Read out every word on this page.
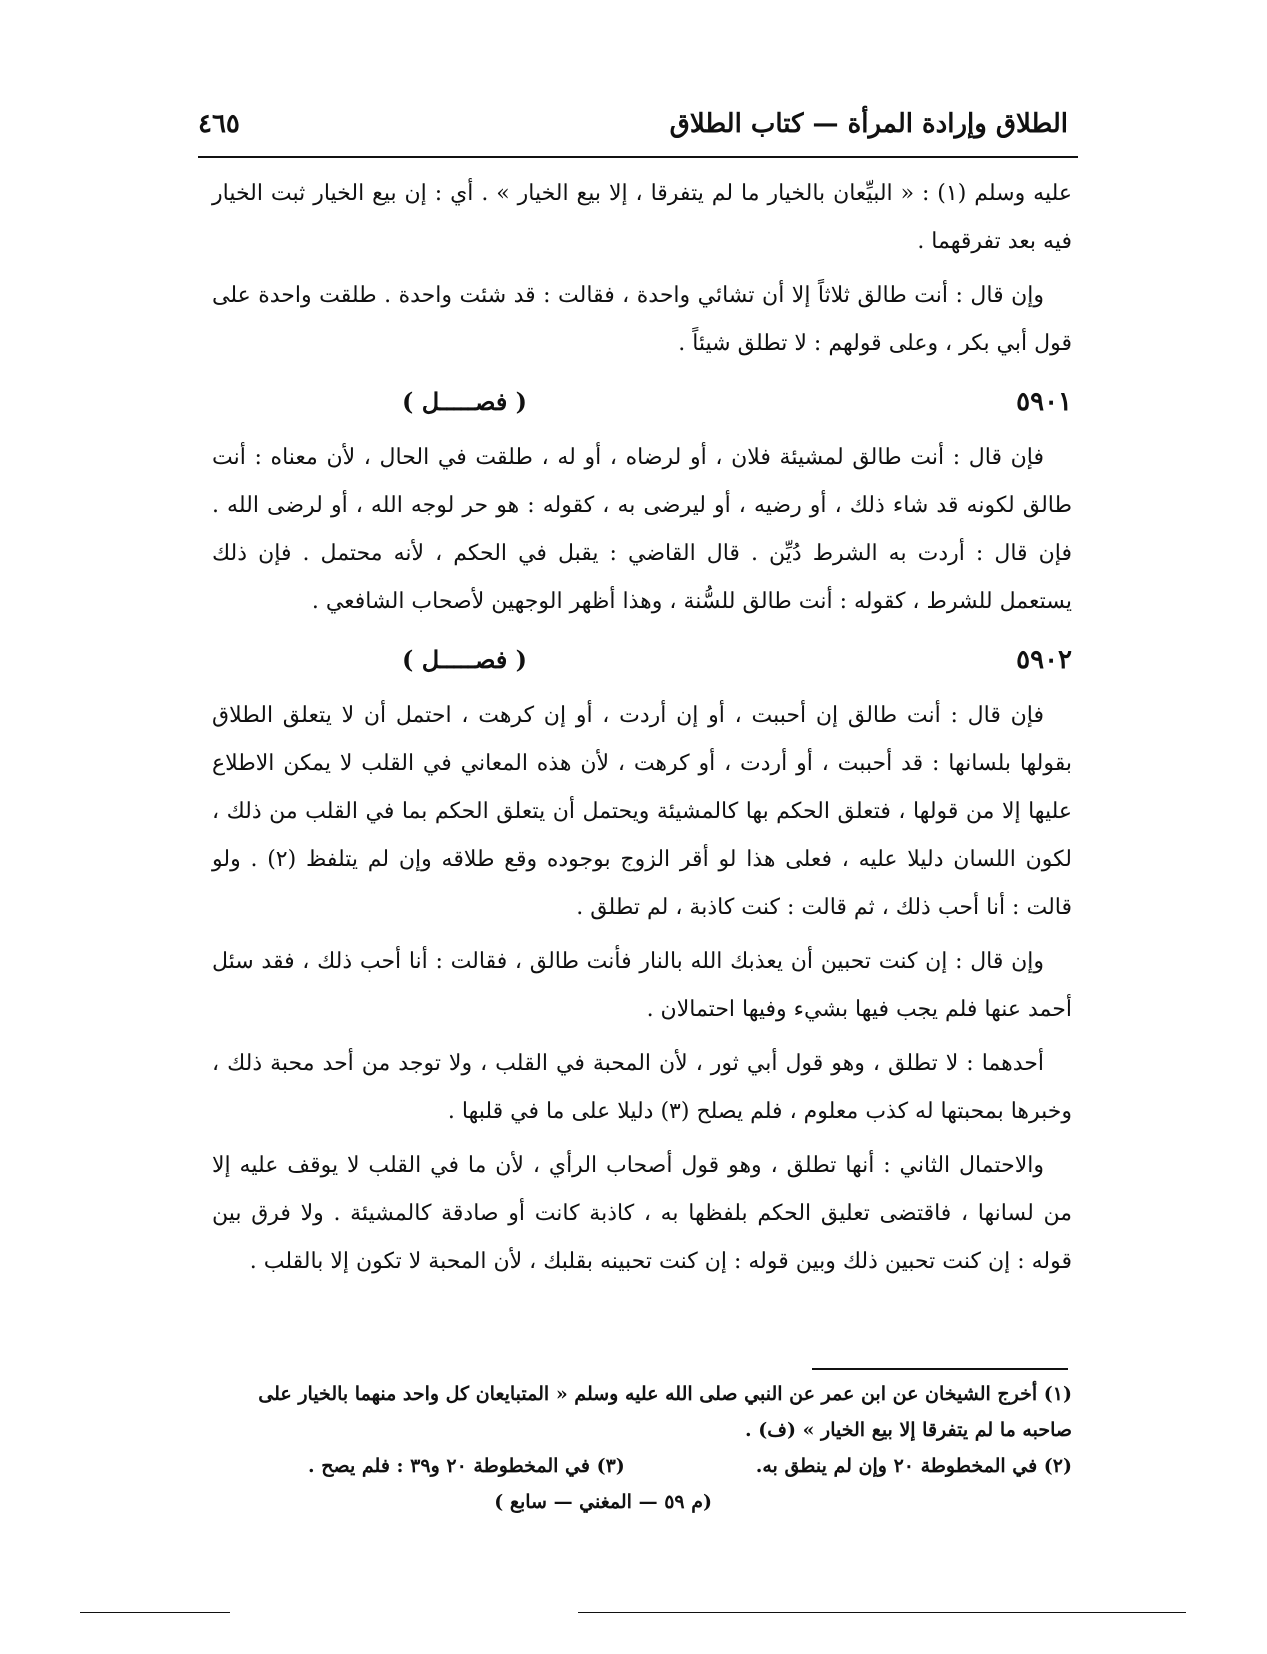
الطلاق وإرادة المرأة — كتاب الطلاق
٤٦٥

عليه وسلم (١) : « البيِّعان بالخيار ما لم يتفرقا ، إلا بيع الخيار » . أي : إن بيع الخيار ثبت الخيار فيه بعد تفرقهما .

وإن قال : أنت طالق ثلاثاً إلا أن تشائي واحدة ، فقالت : قد شئت واحدة . طلقت واحدة على قول أبي بكر ، وعلى قولهم : لا تطلق شيئاً .

٥٩٠١
( فصـــــل )

فإن قال : أنت طالق لمشيئة فلان ، أو لرضاه ، أو له ، طلقت في الحال ، لأن معناه : أنت طالق لكونه قد شاء ذلك ، أو رضيه ، أو ليرضى به ، كقوله : هو حر لوجه الله ، أو لرضى الله . فإن قال : أردت به الشرط دُيِّن . قال القاضي : يقبل في الحكم ، لأنه محتمل . فإن ذلك يستعمل للشرط ، كقوله : أنت طالق للسُّنة ، وهذا أظهر الوجهين لأصحاب الشافعي .

٥٩٠٢
( فصـــــل )

فإن قال : أنت طالق إن أحببت ، أو إن أردت ، أو إن كرهت ، احتمل أن لا يتعلق الطلاق بقولها بلسانها : قد أحببت ، أو أردت ، أو كرهت ، لأن هذه المعاني في القلب لا يمكن الاطلاع عليها إلا من قولها ، فتعلق الحكم بها كالمشيئة ويحتمل أن يتعلق الحكم بما في القلب من ذلك ، لكون اللسان دليلا عليه ، فعلى هذا لو أقر الزوج بوجوده وقع طلاقه وإن لم يتلفظ (٢) . ولو قالت : أنا أحب ذلك ، ثم قالت : كنت كاذبة ، لم تطلق .

وإن قال : إن كنت تحبين أن يعذبك الله بالنار فأنت طالق ، فقالت : أنا أحب ذلك ، فقد سئل أحمد عنها فلم يجب فيها بشيء وفيها احتمالان .

أحدهما : لا تطلق ، وهو قول أبي ثور ، لأن المحبة في القلب ، ولا توجد من أحد محبة ذلك ، وخبرها بمحبتها له كذب معلوم ، فلم يصلح (٣) دليلا على ما في قلبها .

والاحتمال الثاني : أنها تطلق ، وهو قول أصحاب الرأي ، لأن ما في القلب لا يوقف عليه إلا من لسانها ، فاقتضى تعليق الحكم بلفظها به ، كاذبة كانت أو صادقة كالمشيئة . ولا فرق بين قوله : إن كنت تحبين ذلك وبين قوله : إن كنت تحبينه بقلبك ، لأن المحبة لا تكون إلا بالقلب .

(١) أخرج الشيخان عن ابن عمر عن النبي صلى الله عليه وسلم « المتبايعان كل واحد منهما بالخيار على صاحبه ما لم يتفرقا إلا بيع الخيار » (ف) .
(٢) في المخطوطة ٢٠ وإن لم ينطق به.
(٣) في المخطوطة ٢٠ و٣٩ : فلم يصح .
(م ٥٩ — المغني — سابع )
